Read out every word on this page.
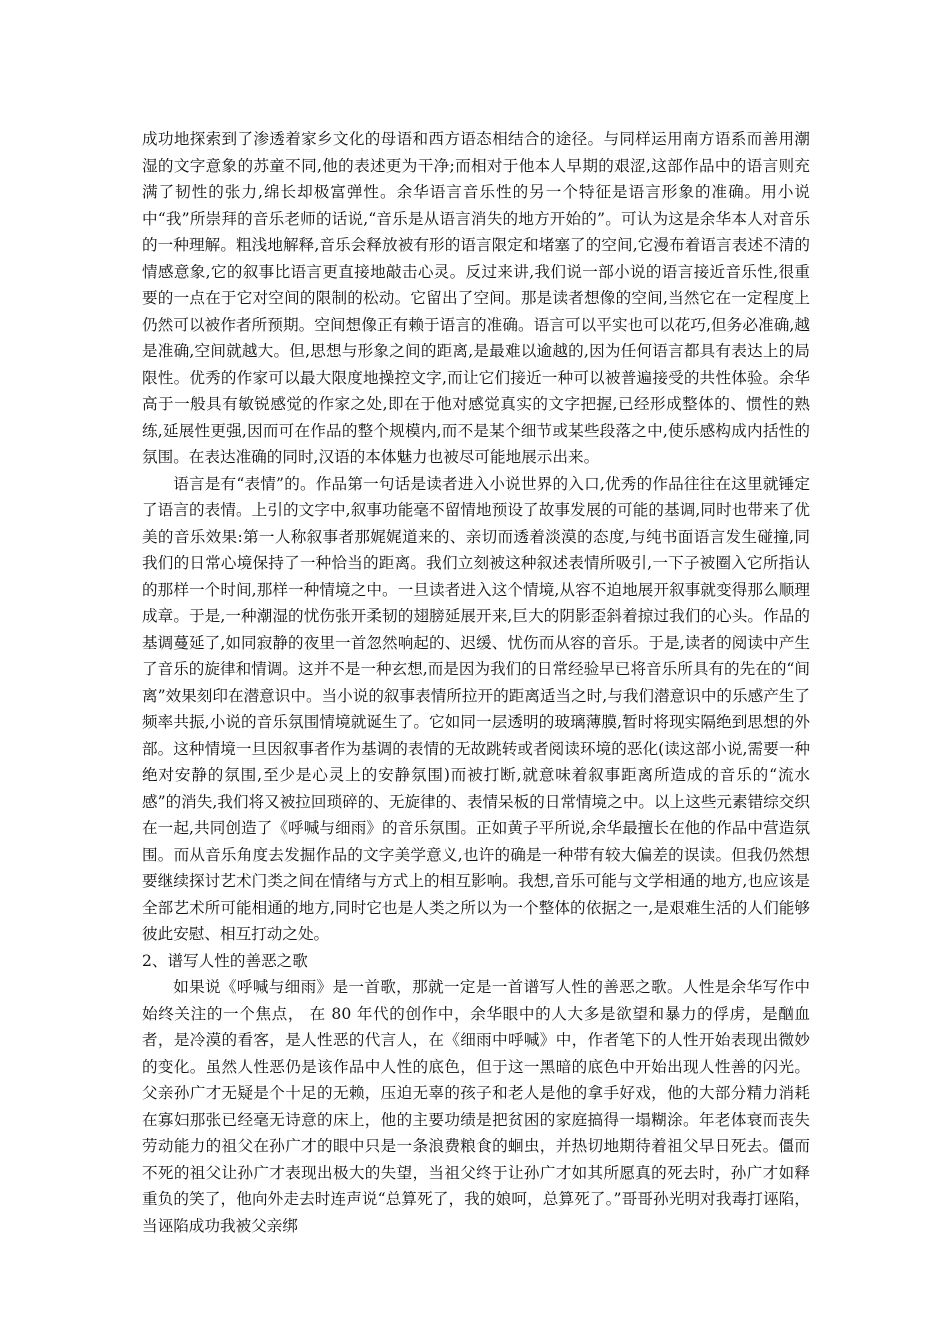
成功地探索到了渗透着家乡文化的母语和西方语态相结合的途径。与同样运用南方语系而善用潮湿的文字意象的苏童不同,他的表述更为干净;而相对于他本人早期的艰涩,这部作品中的语言则充满了韧性的张力,绵长却极富弹性。余华语言音乐性的另一个特征是语言形象的准确。用小说中“我”所崇拜的音乐老师的话说,“音乐是从语言消失的地方开始的”。可认为这是余华本人对音乐的一种理解。粗浅地解释,音乐会释放被有形的语言限定和堵塞了的空间,它漫布着语言表述不清的情感意象,它的叙事比语言更直接地敲击心灵。反过来讲,我们说一部小说的语言接近音乐性,很重要的一点在于它对空间的限制的松动。它留出了空间。那是读者想像的空间,当然它在一定程度上仍然可以被作者所预期。空间想像正有赖于语言的准确。语言可以平实也可以花巧,但务必准确,越是准确,空间就越大。但,思想与形象之间的距离,是最难以逾越的,因为任何语言都具有表达上的局限性。优秀的作家可以最大限度地操控文字,而让它们接近一种可以被普遍接受的共性体验。余华高于一般具有敏锐感觉的作家之处,即在于他对感觉真实的文字把握,已经形成整体的、惯性的熟练,延展性更强,因而可在作品的整个规模内,而不是某个细节或某些段落之中,使乐感构成内括性的氛围。在表达准确的同时,汉语的本体魅力也被尽可能地展示出来。

语言是有“表情”的。作品第一句话是读者进入小说世界的入口,优秀的作品往往在这里就锤定了语言的表情。上引的文字中,叙事功能毫不留情地预设了故事发展的可能的基调,同时也带来了优美的音乐效果:第一人称叙事者那娓娓道来的、亲切而透着淡漠的态度,与纯书面语言发生碰撞,同我们的日常心境保持了一种恰当的距离。我们立刻被这种叙述表情所吸引,一下子被圈入它所指认的那样一个时间,那样一种情境之中。一旦读者进入这个情境,从容不迫地展开叙事就变得那么顺理成章。于是,一种潮湿的忧伤张开柔韧的翅膀延展开来,巨大的阴影歪斜着掠过我们的心头。作品的基调蔓延了,如同寂静的夜里一首忽然响起的、迟缓、忧伤而从容的音乐。于是,读者的阅读中产生了音乐的旋律和情调。这并不是一种玄想,而是因为我们的日常经验早已将音乐所具有的先在的“间离”效果刻印在潜意识中。当小说的叙事表情所拉开的距离适当之时,与我们潜意识中的乐感产生了频率共振,小说的音乐氛围情境就诞生了。它如同一层透明的玻璃薄膜,暂时将现实隔绝到思想的外部。这种情境一旦因叙事者作为基调的表情的无故跳转或者阅读环境的恶化(读这部小说,需要一种绝对安静的氛围,至少是心灵上的安静氛围)而被打断,就意味着叙事距离所造成的音乐的“流水感”的消失,我们将又被拉回琐碎的、无旋律的、表情呆板的日常情境之中。以上这些元素错综交织在一起,共同创造了《呼喊与细雨》的音乐氛围。正如黄子平所说,余华最擅长在他的作品中营造氛围。而从音乐角度去发掘作品的文字美学意义,也许的确是一种带有较大偏差的误读。但我仍然想要继续探讨艺术门类之间在情绪与方式上的相互影响。我想,音乐可能与文学相通的地方,也应该是全部艺术所可能相通的地方,同时它也是人类之所以为一个整体的依据之一,是艰难生活的人们能够彼此安慰、相互打动之处。

2、谱写人性的善恶之歌

如果说《呼喊与细雨》是一首歌，那就一定是一首谱写人性的善恶之歌。人性是余华写作中始终关注的一个焦点， 在 80 年代的创作中，余华眼中的人大多是欲望和暴力的俘虏，是酗血者，是冷漠的看客，是人性恶的代言人，在《细雨中呼喊》中，作者笔下的人性开始表现出微妙的变化。虽然人性恶仍是该作品中人性的底色，但于这一黑暗的底色中开始出现人性善的闪光。父亲孙广才无疑是个十足的无赖，压迫无辜的孩子和老人是他的拿手好戏，他的大部分精力消耗在寡妇那张已经毫无诗意的床上，他的主要功绩是把贫困的家庭搞得一塌糊涂。年老体衰而丧失劳动能力的祖父在孙广才的眼中只是一条浪费粮食的蛔虫，并热切地期待着祖父早日死去。僵而不死的祖父让孙广才表现出极大的失望，当祖父终于让孙广才如其所愿真的死去时，孙广才如释重负的笑了，他向外走去时连声说“总算死了，我的娘呵，总算死了。”哥哥孙光明对我毒打诬陷，当诬陷成功我被父亲绑
